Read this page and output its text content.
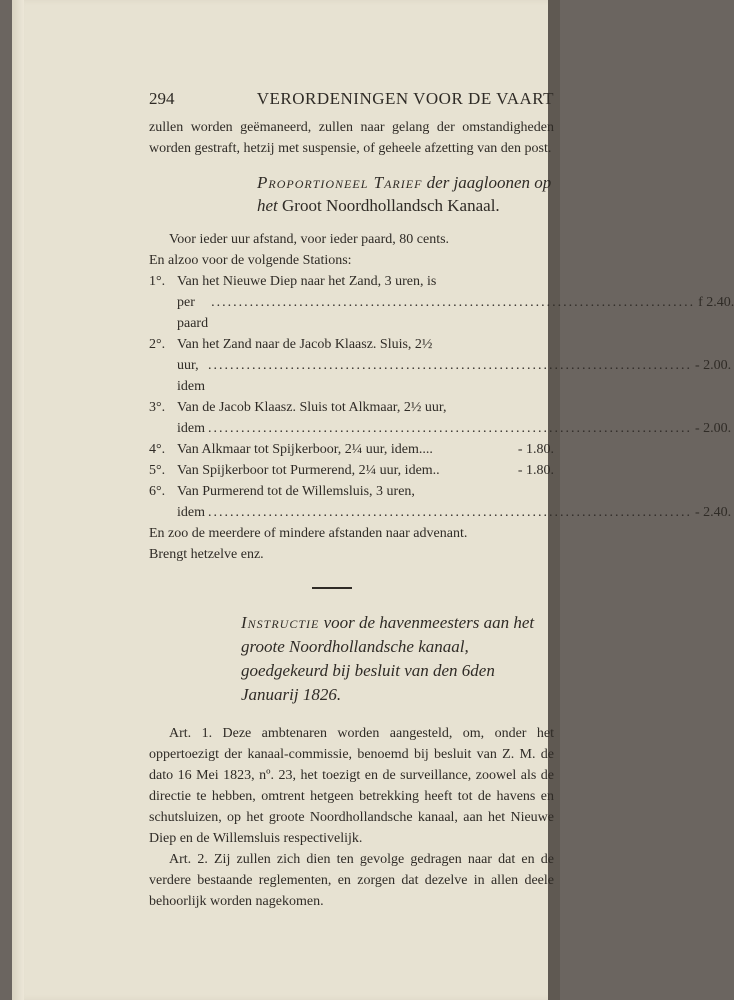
294	VERORDENINGEN VOOR DE VAART

zullen worden geëmaneerd, zullen naar gelang der omstandigheden worden gestraft, hetzij met suspensie, of geheele afzetting van den post.

Proportioneel Tarief der jaagloonen op het Groot Noordhollandsch Kanaal.

Voor ieder uur afstand, voor ieder paard, 80 cents.

En alzoo voor de volgende Stations:

1°. Van het Nieuwe Diep naar het Zand, 3 uren, is
per paard
........................................................................................ f 2.40.
2°. Van het Zand naar de Jacob Klaasz. Sluis, 2½
uur, idem
........................................................................................ - 2.00.
3°. Van de Jacob Klaasz. Sluis tot Alkmaar, 2½ uur,
idem ........................................................................................ - 2.00.
4°. Van Alkmaar tot Spijkerboor, 2¼ uur, idem....	- 1.80.
5°. Van Spijkerboor tot Purmerend, 2¼ uur, idem..	- 1.80.
6°. Van Purmerend tot de Willemsluis, 3 uren,
idem ........................................................................................ - 2.40.

En zoo de meerdere of mindere afstanden naar advenant.

Brengt hetzelve enz.

Instructie voor de havenmeesters aan het groote Noordhollandsche kanaal, goedgekeurd bij besluit van den 6den Januarij 1826.

Art. 1. Deze ambtenaren worden aangesteld, om, onder het oppertoezigt der kanaal-commissie, benoemd bij besluit van Z. M. de dato 16 Mei 1823, nº. 23, het toezigt en de surveillance, zoowel als de directie te hebben, omtrent hetgeen betrekking heeft tot de havens en schutsluizen, op het groote Noordhollandsche kanaal, aan het Nieuwe Diep en de Willemsluis respectivelijk.

Art. 2. Zij zullen zich dien ten gevolge gedragen naar dat en de verdere bestaande reglementen, en zorgen dat dezelve in allen deele behoorlijk worden nagekomen.
